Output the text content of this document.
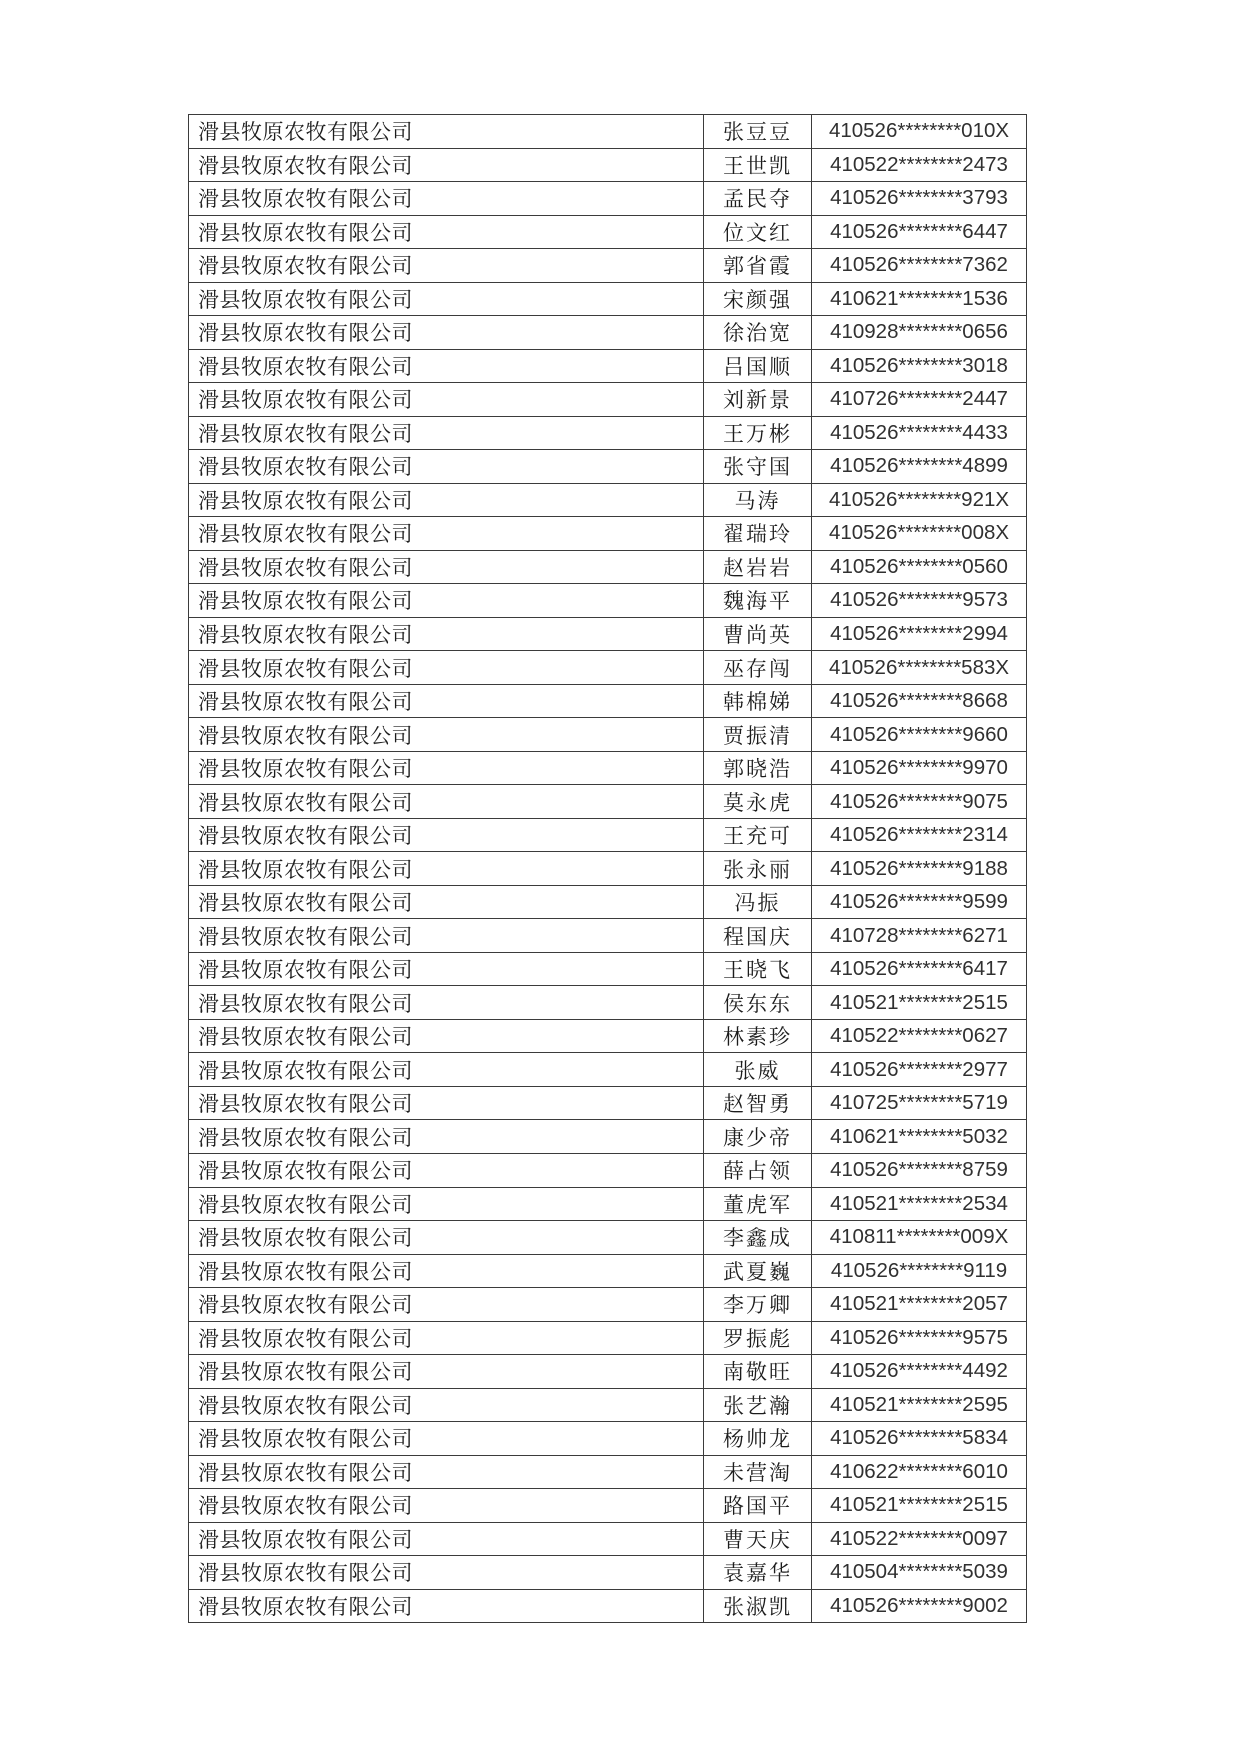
滑县牧原农牧有限公司	张豆豆	410526********010X
滑县牧原农牧有限公司	王世凯	410522********2473
滑县牧原农牧有限公司	孟民夺	410526********3793
滑县牧原农牧有限公司	位文红	410526********6447
滑县牧原农牧有限公司	郭省霞	410526********7362
滑县牧原农牧有限公司	宋颜强	410621********1536
滑县牧原农牧有限公司	徐治宽	410928********0656
滑县牧原农牧有限公司	吕国顺	410526********3018
滑县牧原农牧有限公司	刘新景	410726********2447
滑县牧原农牧有限公司	王万彬	410526********4433
滑县牧原农牧有限公司	张守国	410526********4899
滑县牧原农牧有限公司	马涛	410526********921X
滑县牧原农牧有限公司	翟瑞玲	410526********008X
滑县牧原农牧有限公司	赵岩岩	410526********0560
滑县牧原农牧有限公司	魏海平	410526********9573
滑县牧原农牧有限公司	曹尚英	410526********2994
滑县牧原农牧有限公司	巫存闯	410526********583X
滑县牧原农牧有限公司	韩棉娣	410526********8668
滑县牧原农牧有限公司	贾振清	410526********9660
滑县牧原农牧有限公司	郭晓浩	410526********9970
滑县牧原农牧有限公司	莫永虎	410526********9075
滑县牧原农牧有限公司	王充可	410526********2314
滑县牧原农牧有限公司	张永丽	410526********9188
滑县牧原农牧有限公司	冯振	410526********9599
滑县牧原农牧有限公司	程国庆	410728********6271
滑县牧原农牧有限公司	王晓飞	410526********6417
滑县牧原农牧有限公司	侯东东	410521********2515
滑县牧原农牧有限公司	林素珍	410522********0627
滑县牧原农牧有限公司	张威	410526********2977
滑县牧原农牧有限公司	赵智勇	410725********5719
滑县牧原农牧有限公司	康少帝	410621********5032
滑县牧原农牧有限公司	薛占领	410526********8759
滑县牧原农牧有限公司	董虎军	410521********2534
滑县牧原农牧有限公司	李鑫成	410811********009X
滑县牧原农牧有限公司	武夏巍	410526********9119
滑县牧原农牧有限公司	李万卿	410521********2057
滑县牧原农牧有限公司	罗振彪	410526********9575
滑县牧原农牧有限公司	南敬旺	410526********4492
滑县牧原农牧有限公司	张艺瀚	410521********2595
滑县牧原农牧有限公司	杨帅龙	410526********5834
滑县牧原农牧有限公司	未营淘	410622********6010
滑县牧原农牧有限公司	路国平	410521********2515
滑县牧原农牧有限公司	曹天庆	410522********0097
滑县牧原农牧有限公司	袁嘉华	410504********5039
滑县牧原农牧有限公司	张淑凯	410526********9002
